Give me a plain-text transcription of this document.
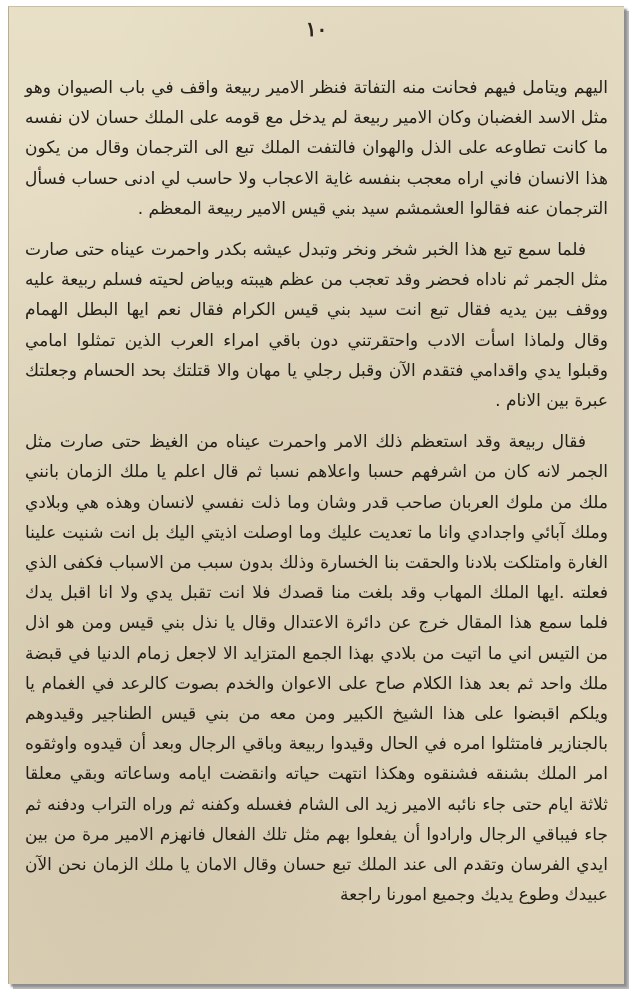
١٠

اليهم ويتامل فيهم فحانت منه التفاتة فنظر الامير ربيعة واقف في باب الصيوان وهو مثل الاسد الغضبان وكان الامير ربيعة لم يدخل مع قومه على الملك حسان لان نفسه ما كانت تطاوعه على الذل والهوان فالتفت الملك تبع الى الترجمان وقال من يكون هذا الانسان فاني اراه معجب بنفسه غاية الاعجاب ولا حاسب لي ادنى حساب فسأل الترجمان عنه فقالوا العشمشم سيد بني قيس الامير ربيعة المعظم .

فلما سمع تبع هذا الخبر شخر ونخر وتبدل عيشه بكدر واحمرت عيناه حتى صارت مثل الجمر ثم ناداه فحضر وقد تعجب من عظم هيبته وبياض لحيته فسلم ربيعة عليه ووقف بين يديه فقال تبع انت سيد بني قيس الكرام فقال نعم ايها البطل الهمام وقال ولماذا اسأت الادب واحتقرتني دون باقي امراء العرب الذين تمثلوا امامي وقبلوا يدي واقدامي فتقدم الآن وقبل رجلي يا مهان والا قتلتك بحد الحسام وجعلتك عبرة بين الانام .

فقال ربيعة وقد استعظم ذلك الامر واحمرت عيناه من الغيظ حتى صارت مثل الجمر لانه كان من اشرفهم حسبا واعلاهم نسبا ثم قال اعلم يا ملك الزمان بانني ملك من ملوك العربان صاحب قدر وشان وما ذلت نفسي لانسان وهذه هي وبلادي وملك آبائي واجدادي وانا ما تعديت عليك وما اوصلت اذيتي اليك بل انت شنيت علينا الغارة وامتلكت بلادنا والحقت بنا الخسارة وذلك بدون سبب من الاسباب فكفى الذي فعلته .ايها الملك المهاب وقد بلغت منا قصدك فلا انت تقبل يدي ولا انا اقبل يدك فلما سمع هذا المقال خرج عن دائرة الاعتدال وقال يا نذل بني قيس ومن هو اذل من التيس اني ما اتيت من بلادي بهذا الجمع المتزايد الا لاجعل زمام الدنيا في قبضة ملك واحد ثم بعد هذا الكلام صاح على الاعوان والخدم بصوت كالرعد في الغمام يا ويلكم اقبضوا على هذا الشيخ الكبير ومن معه من بني قيس الطناجير وقيدوهم بالجنازير فامتثلوا امره في الحال وقيدوا ربيعة وباقي الرجال وبعد أن قيدوه واوثقوه امر الملك بشنقه فشنقوه وهكذا انتهت حياته وانقضت ايامه وساعاته وبقي معلقا ثلاثة ايام حتى جاء نائبه الامير زيد الى الشام فغسله وكفنه ثم وراه التراب ودفنه ثم جاء فيباقي الرجال وارادوا أن يفعلوا بهم مثل تلك الفعال فانهزم الامير مرة من بين ايدي الفرسان وتقدم الى عند الملك تبع حسان وقال الامان يا ملك الزمان نحن الآن عبيدك وطوع يديك وجميع امورنا راجعة
